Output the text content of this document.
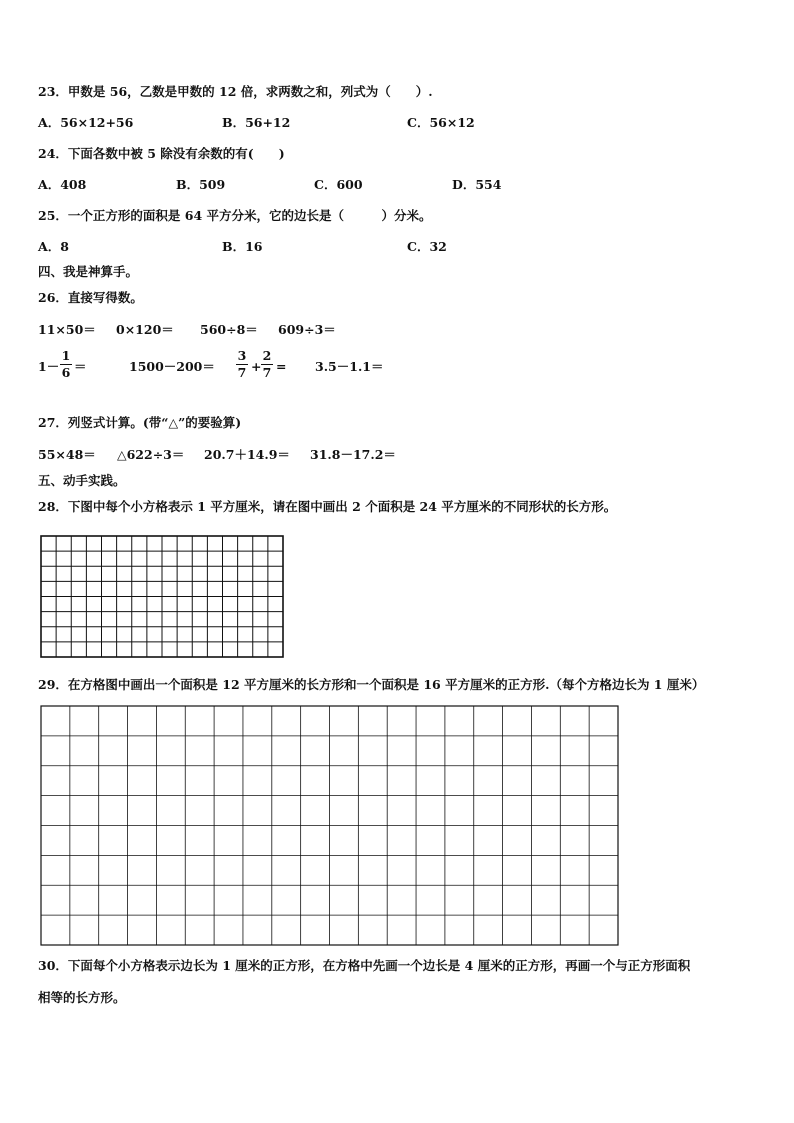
23．甲数是 56，乙数是甲数的 12 倍，求两数之和，列式为（　　）.
A．56×12+56	B．56+12	C．56×12
24．下面各数中被 5 除没有余数的有(　　)
A．408	B．509	C．600	D．554
25．一个正方形的面积是 64 平方分米，它的边长是（　　　）分米。
A．8	B．16	C．32
四、我是神算手。
26．直接写得数。
11×50＝ 0×120＝ 560÷8＝ 609÷3＝
1－
1
6 ＝	1500－200＝
3
7 +
2
7 = 3.5－1.1＝
27．列竖式计算。(带“△”的要验算)
55×48＝ △622÷3＝ 20.7＋14.9＝ 31.8－17.2＝
五、动手实践。
28．下图中每个小方格表示 1 平方厘米，请在图中画出 2 个面积是 24 平方厘米的不同形状的长方形。
29．在方格图中画出一个面积是 12 平方厘米的长方形和一个面积是 16 平方厘米的正方形.（每个方格边长为 1 厘米）
30．下面每个小方格表示边长为 1 厘米的正方形，在方格中先画一个边长是 4 厘米的正方形，再画一个与正方形面积
相等的长方形。
